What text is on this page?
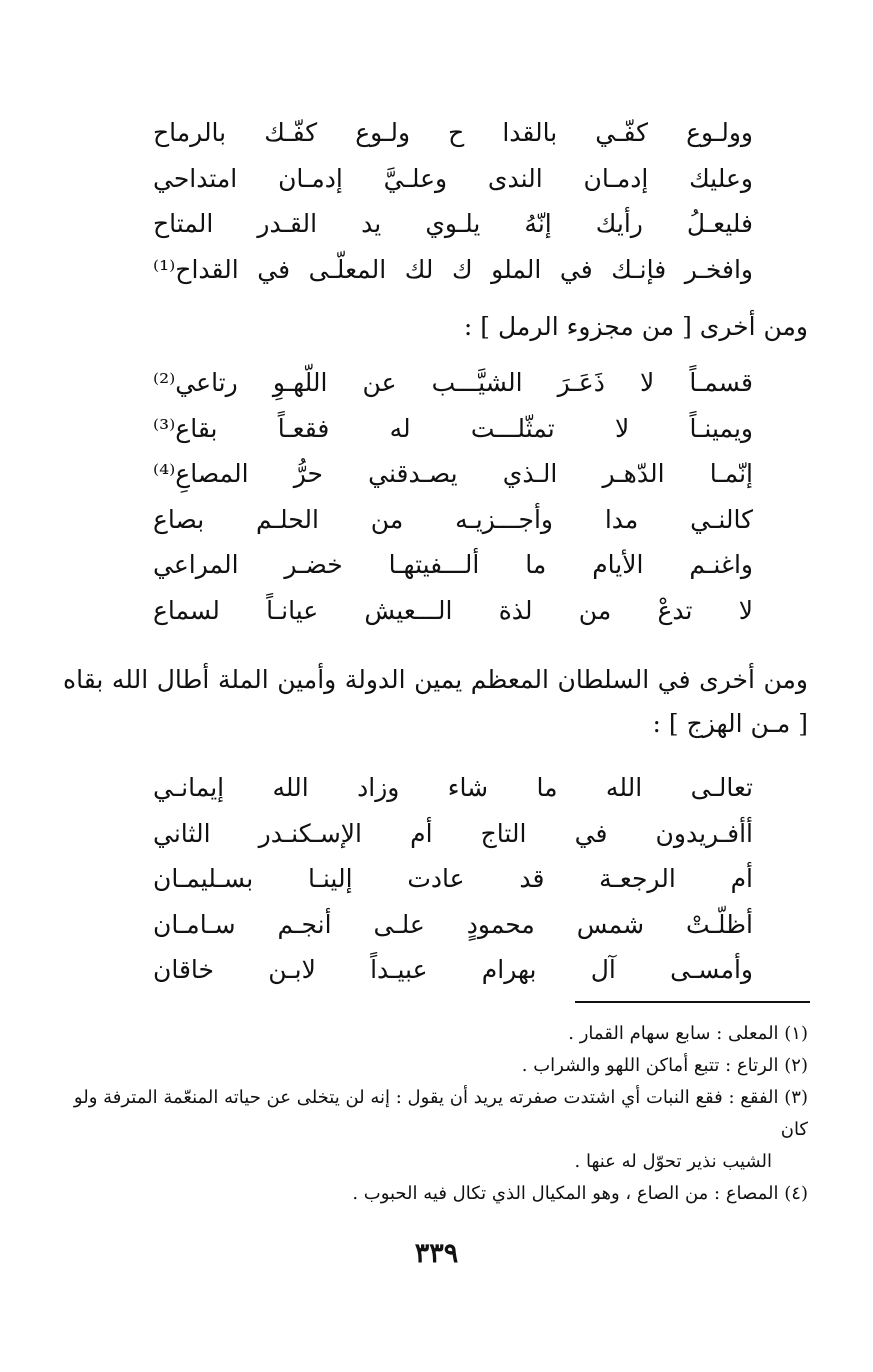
وولـوع كفّـي بالقدا ح ولـوع كفّـك بالرماح
وعليك إدمـان الندى وعلـيَّ إدمـان امتداحي
فليعـلُ رأيك إنّهُ يلـوي يد القـدر المتاح
وافخـر فإنـك في الملو ك لك المعلّـى في القداح⁽¹⁾
ومن أخرى [ من مجزوء الرمل ] :
قسمـاً لا ذَعَـرَ الشيَّـــب عن اللّهـوِ رتاعي⁽²⁾
ويمينـاً لا تمثّلـــت له فقعـاً بقاع⁽³⁾
إنّمـا الدّهـر الـذي يصـدقني حرُّ المصاعِ⁽⁴⁾
كالنـي مدا وأجـــزيـه من الحلـم بصاع
واغنـم الأيام ما ألـــفيتهـا خضـر المراعي
لا تدعْ من لذة الـــعيش عيانـاً لسماع
ومن أخرى في السلطان المعظم يمين الدولة وأمين الملة أطال الله بقاه [ مـن الهزج ] :
تعالـى الله ما شاء وزاد الله إيمانـي
أأفـريدون في التاج أم الإسـكنـدر الثاني
أم الرجعـة قد عادت إلينـا بسـليمـان
أظلّـتْ شمس محمودٍ علـى أنجـم سـامـان
وأمسـى آل بهرام عبيـداً لابـن خاقان
(١) المعلى : سابع سهام القمار .
(٢) الرتاع : تتبع أماكن اللهو والشراب .
(٣) الفقع : فقع النبات أي اشتدت صفرته يريد أن يقول : إنه لن يتخلى عن حياته المنعّمة المترفة ولو كان
الشيب نذير تحوّل له عنها .
(٤) المصاع : من الصاع ، وهو المكيال الذي تكال فيه الحبوب .
٣٣٩
